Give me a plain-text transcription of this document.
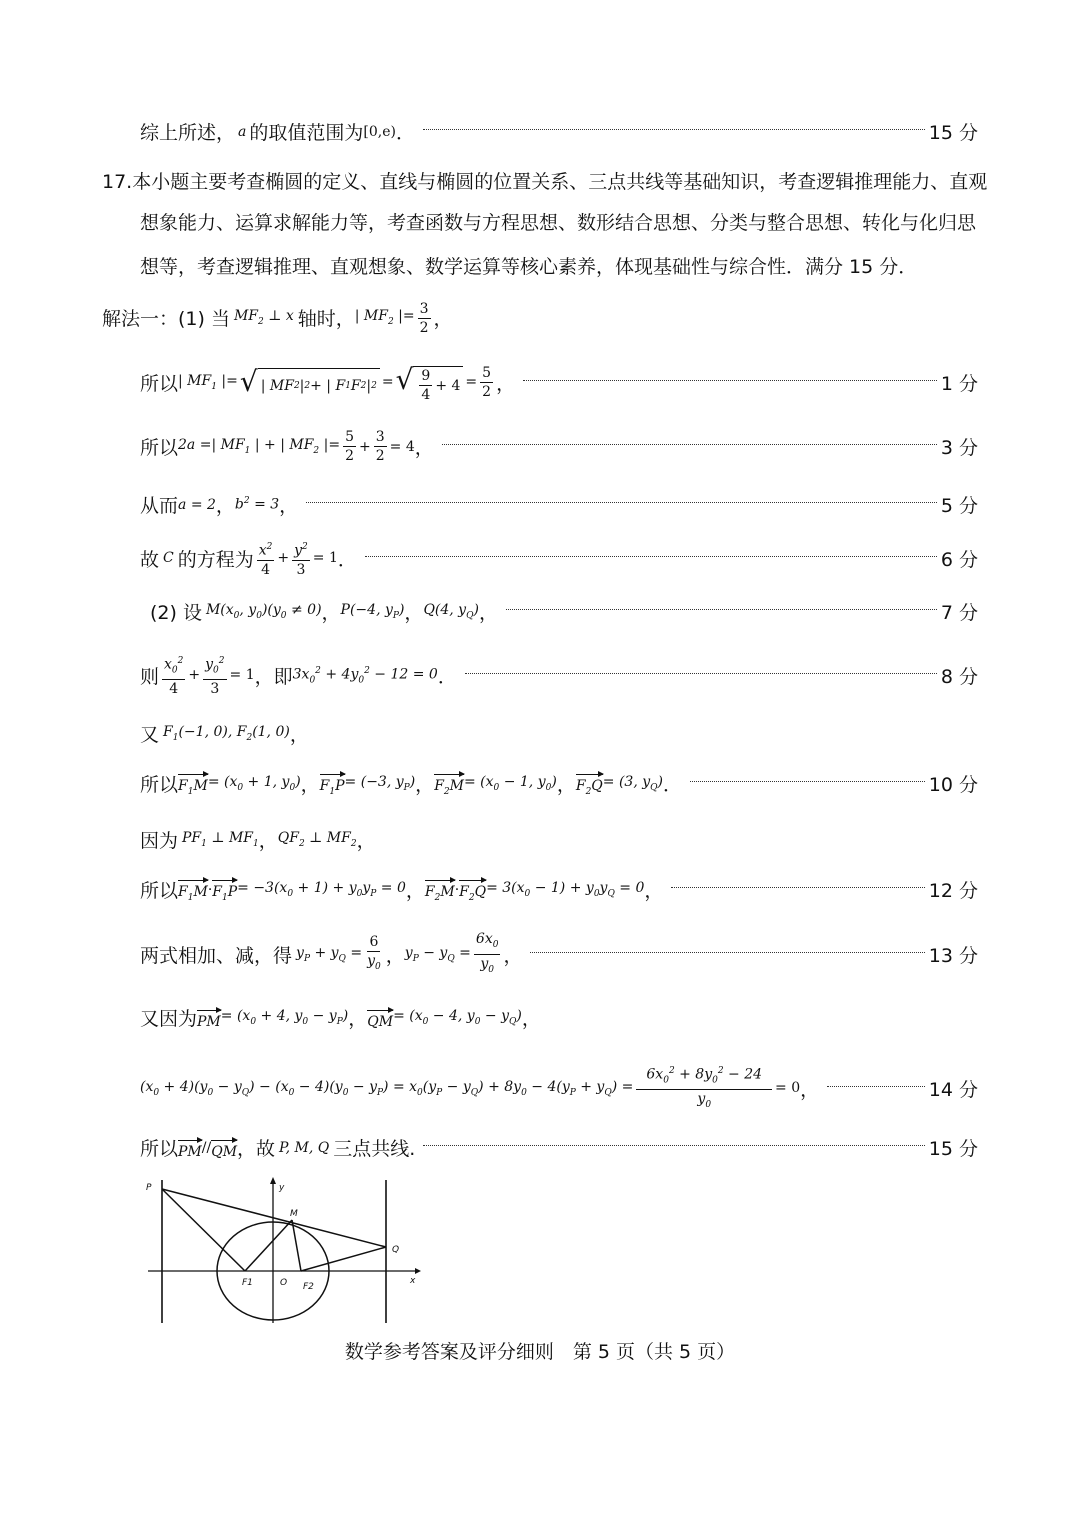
综上所述， a 的取值范围为 [0,e) ．	15 分
17.本小题主要考查椭圆的定义、直线与椭圆的位置关系、三点共线等基础知识，考查逻辑推理能力、直观
想象能力、运算求解能力等，考查函数与方程思想、数形结合思想、分类与整合思想、转化与化归思
想等，考查逻辑推理、直观想象、数学运算等核心素养，体现基础性与综合性．满分 15 分．
解法一：(1) 当 $MF_2$ ⊥ x 轴时， | $MF_2$ |= $\frac{3}{2}$ ，
所以 | $MF_1$ |= √ | MF 2 | 2 + | F 1 F 2 | 2 = √ $\frac{9}{4} + 4 = \frac{5}{2}$ ，	1 分
所以 2a =| $MF_1$ | + | $MF_2$ |= $\frac{5}{2} + \frac{3}{2} = 4$ ，	3 分
从而 a = 2 ， $b^2 = 3$ ，	5 分
故 C 的方程为 $\frac{x^2}{4} + \frac{y^2}{3} = 1$ ．	6 分
(2) 设 $M(x_0$, $y_0)(y_0 \ne 0)$ ， P(−4, $y_P$) ， Q(4, $y_Q$) ，	7 分
则 $\frac{x_0^2}{4} + \frac{y_0^2}{3} = 1$ ，即 $3x_0^2 + 4y_0^2 - 12 = 0$ ．	8 分
又 $F_1(-1$, 0), $F_2(1$, 0) ，
所以 $F_1M = (x_0 + 1$, $y_0$) ， $F_1P = (-3$, $y_P$) ， $F_2M = (x_0 - 1$, $y_0$) ， $F_2Q = (3$, $y_Q$) ．	10 分
因为 $PF_1$ ⊥ $MF_1$ ， $QF_2$ ⊥ $MF_2$ ，
所以 $F_1M \cdot F_1P = -3(x_0 + 1) + y_0y_P = 0$ ， $F_2M \cdot F_2Q = 3(x_0 - 1) + y_0y_Q = 0$ ，	12 分
两式相加、减，得 $y_P + y_Q = \frac{6}{y_0}$ ， $y_P - y_Q = \frac{6x_0}{y_0}$ ，	13 分
又因为 PM = ($x_0 + 4$, $y_0 - y_P$) ， QM = ($x_0 - 4$, $y_0 - y_Q$) ，
$(x_0 + 4)(y_0 - y_Q) - (x_0 - 4)(y_0 - y_P) = x_0(y_P - y_Q) + 8y_0 - 4(y_P + y_Q) = \frac{6x_0^2 + 8y_0^2 - 24}{y_0} = 0$ ，	14 分
所以 PM // QM ，故 P, M, Q 三点共线.	15 分
P	y
M
Q
F1	O F2
x
数学参考答案及评分细则　第 5 页（共 5 页）
